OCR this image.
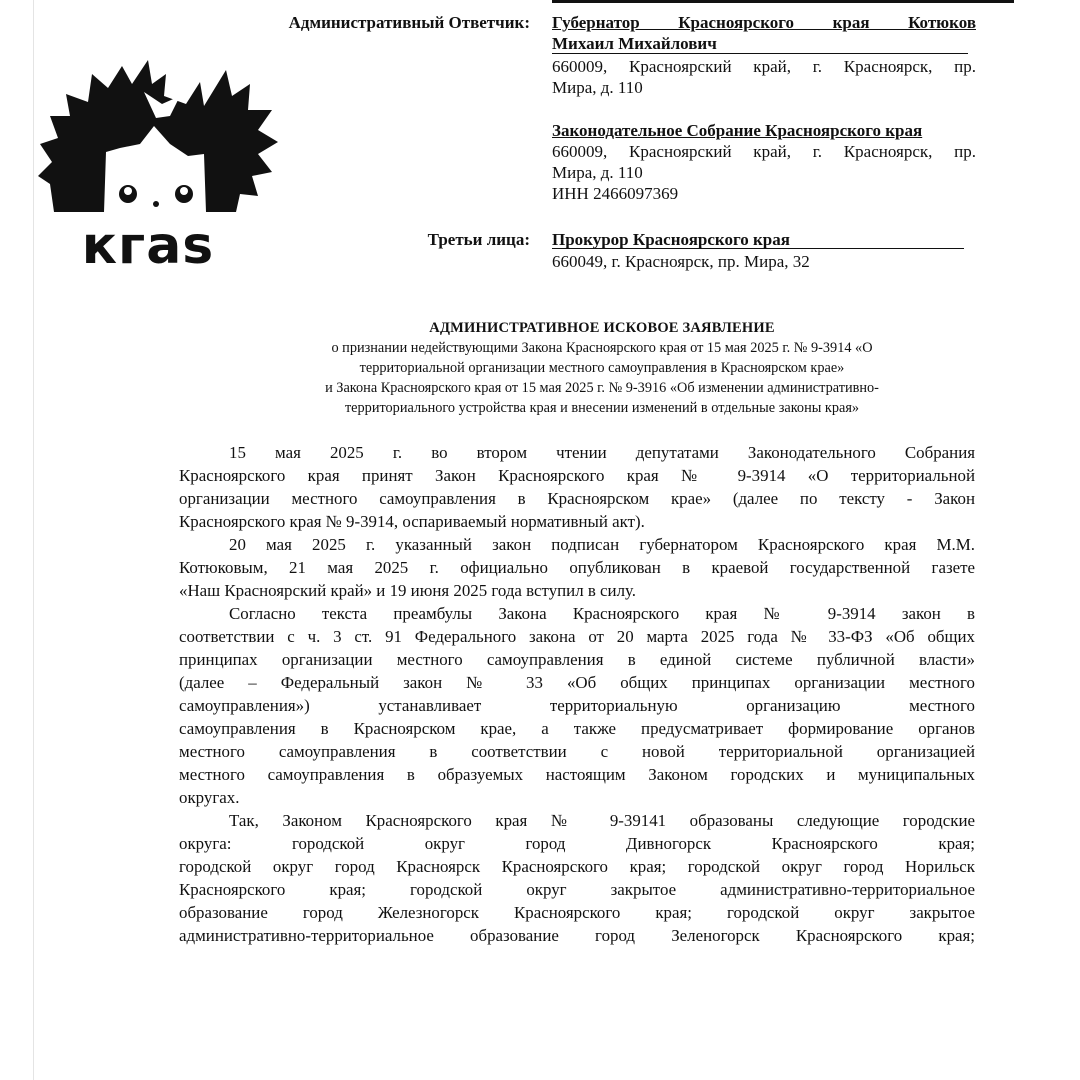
кгаs
Административный Ответчик: Губернатор Красноярского края Котюков
Михаил Михайлович
660009, Красноярский край, г. Красноярск, пр.
Мира, д. 110
Законодательное Собрание Красноярского края
660009, Красноярский край, г. Красноярск, пр.
Мира, д. 110
ИНН 2466097369
Третьи лица: Прокурор Красноярского края
660049, г. Красноярск, пр. Мира, 32
АДМИНИСТРАТИВНОЕ ИСКОВОЕ ЗАЯВЛЕНИЕ
о признании недействующими Закона Красноярского края от 15 мая 2025 г. № 9-3914 «О
территориальной организации местного самоуправления в Красноярском крае»
и Закона Красноярского края от 15 мая 2025 г. № 9-3916 «Об изменении административно-
территориального устройства края и внесении изменений в отдельные законы края»

15 мая 2025 г. во втором чтении депутатами Законодательного Собрания
Красноярского края принят Закон Красноярского края № 9-3914 «О территориальной
организации местного самоуправления в Красноярском крае» (далее по тексту - Закон
Красноярского края № 9-3914, оспариваемый нормативный акт).

20 мая 2025 г. указанный закон подписан губернатором Красноярского края М.М.
Котюковым, 21 мая 2025 г. официально опубликован в краевой государственной газете
«Наш Красноярский край» и 19 июня 2025 года вступил в силу.

Согласно текста преамбулы Закона Красноярского края № 9-3914 закон в
соответствии с ч. 3 ст. 91 Федерального закона от 20 марта 2025 года № 33-ФЗ «Об общих
принципах организации местного самоуправления в единой системе публичной власти»
(далее – Федеральный закон № 33 «Об общих принципах организации местного
самоуправления») устанавливает территориальную организацию местного
самоуправления в Красноярском крае, а также предусматривает формирование органов
местного самоуправления в соответствии с новой территориальной организацией
местного самоуправления в образуемых настоящим Законом городских и муниципальных
округах.

Так, Законом Красноярского края № 9-39141 образованы следующие городские
округа: городской округ город Дивногорск Красноярского края;
городской округ город Красноярск Красноярского края; городской округ город Норильск
Красноярского края; городской округ закрытое административно-территориальное
образование город Железногорск Красноярского края; городской округ закрытое
административно-территориальное образование город Зеленогорск Красноярского края;
